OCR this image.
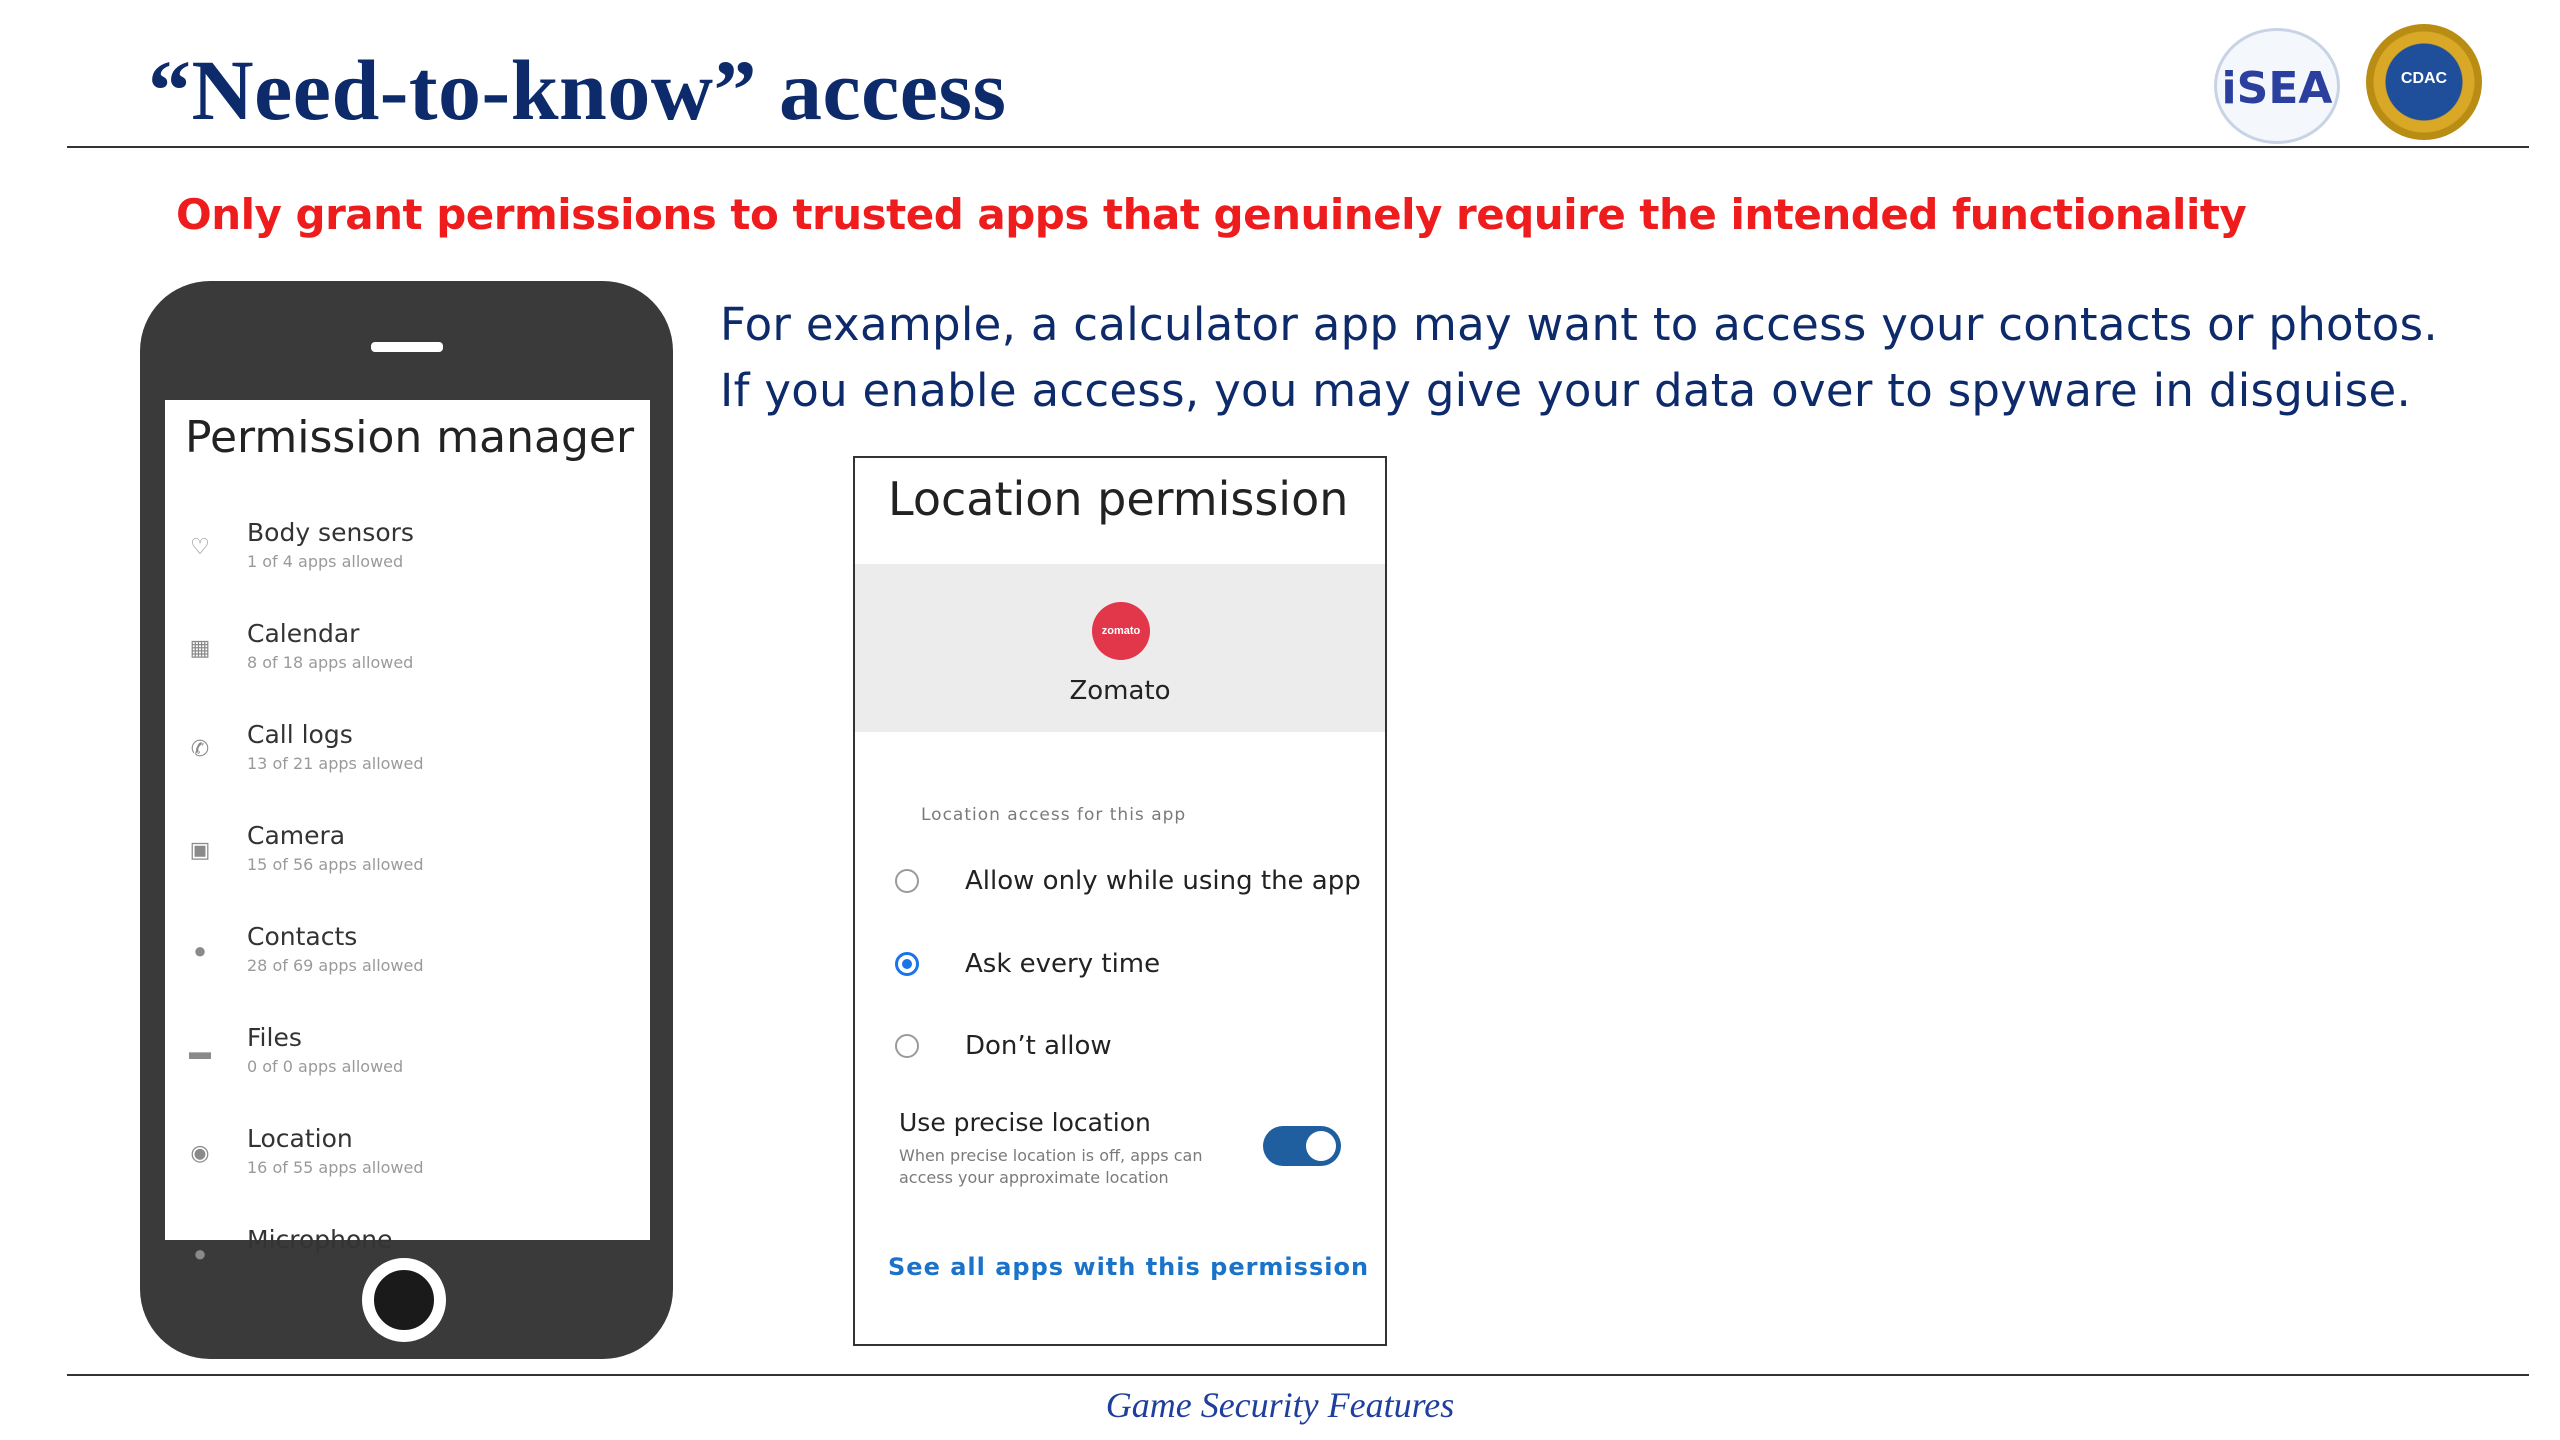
“Need-to-know” access	iSEA	CDAC
Only grant permissions to trusted apps that genuinely require the intended functionality
For example, a calculator app may want to access your contacts or photos.
If you enable access, you may give your data over to spyware in disguise.
Permission manager
♡ Body sensors
1 of 4 apps allowed
▦ Calendar
8 of 18 apps allowed
✆ Call logs
13 of 21 apps allowed
▣ Camera
15 of 56 apps allowed
● Contacts
28 of 69 apps allowed
▬ Files
0 of 0 apps allowed
◉ Location
16 of 55 apps allowed
● Microphone
Location permission
zomato
Zomato
Location access for this app
Allow only while using the app
Ask every time
Don’t allow
Use precise location
When precise location is off, apps can access your approximate location
See all apps with this permission
Game Security Features
